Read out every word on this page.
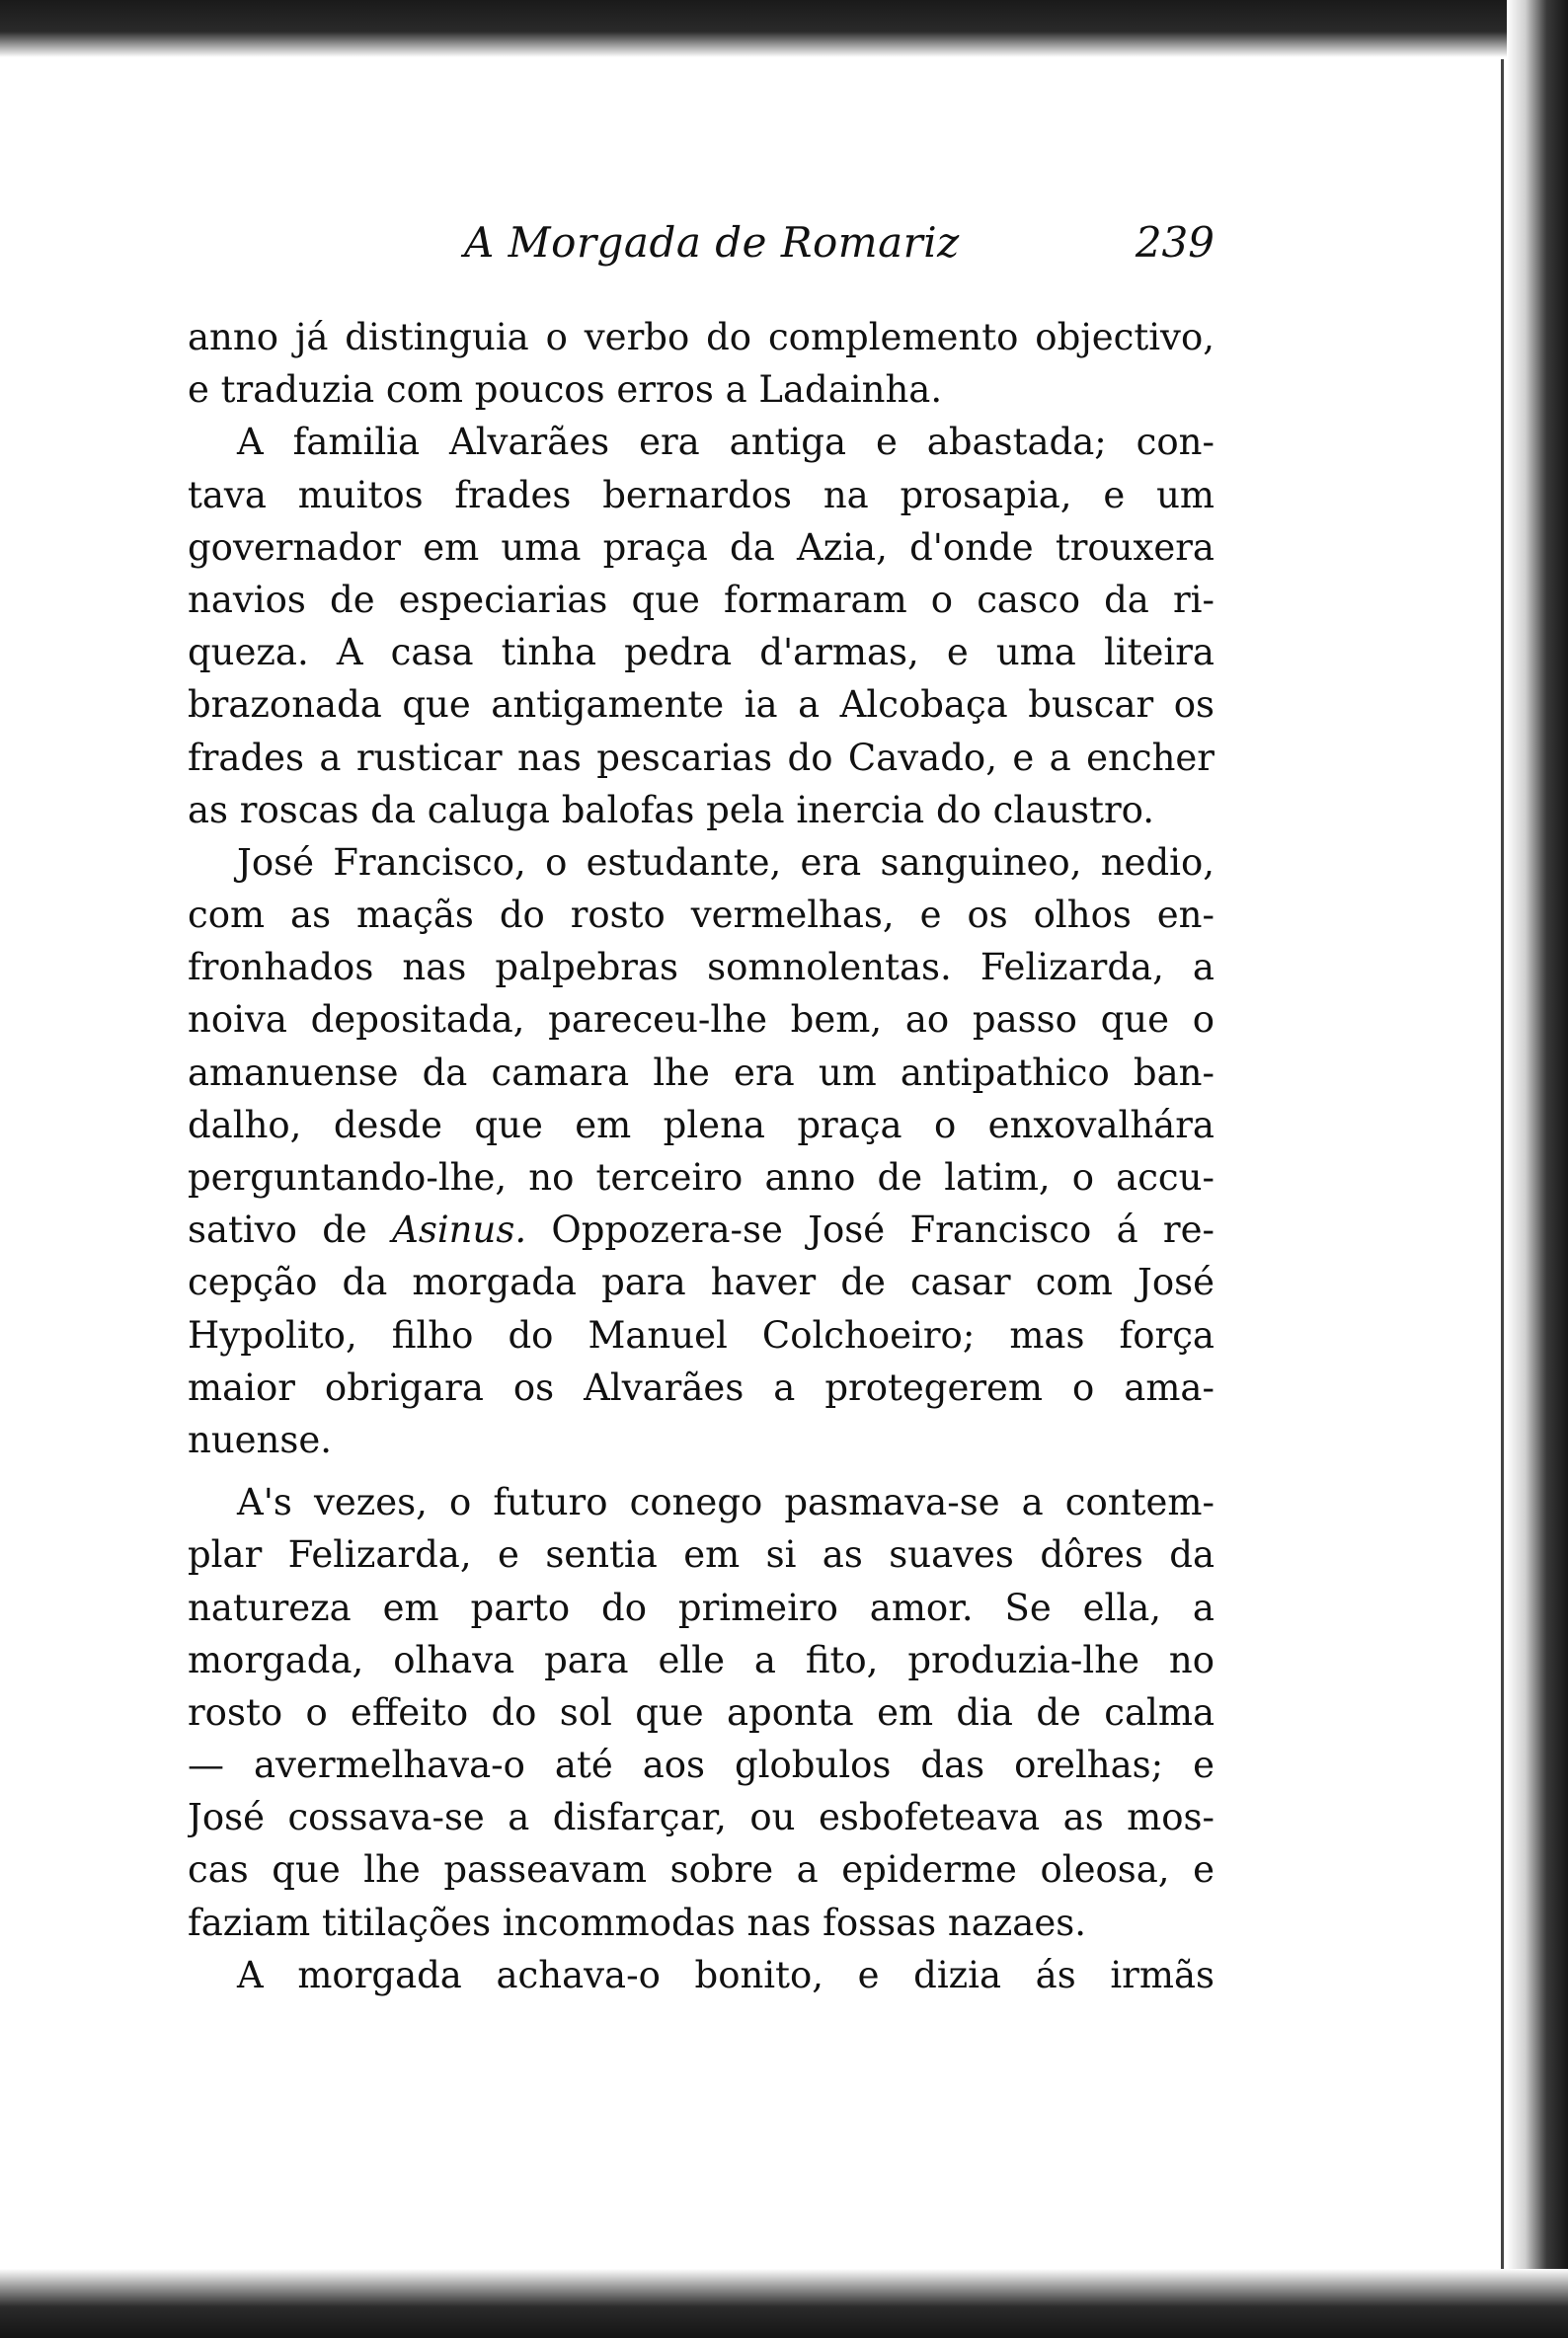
A Morgada de Romariz	239
anno já distinguia o verbo do complemento objectivo,
e traduzia com poucos erros a Ladainha.
A familia Alvarães era antiga e abastada; con-
tava muitos frades bernardos na prosapia, e um
governador em uma praça da Azia, d'onde trouxera
navios de especiarias que formaram o casco da ri-
queza. A casa tinha pedra d'armas, e uma liteira
brazonada que antigamente ia a Alcobaça buscar os
frades a rusticar nas pescarias do Cavado, e a encher
as roscas da caluga balofas pela inercia do claustro.
José Francisco, o estudante, era sanguineo, nedio,
com as maçãs do rosto vermelhas, e os olhos en-
fronhados nas palpebras somnolentas. Felizarda, a
noiva depositada, pareceu-lhe bem, ao passo que o
amanuense da camara lhe era um antipathico ban-
dalho, desde que em plena praça o enxovalhára
perguntando-lhe, no terceiro anno de latim, o accu-
sativo de Asinus. Oppozera-se José Francisco á re-
cepção da morgada para haver de casar com José
Hypolito, filho do Manuel Colchoeiro; mas força
maior obrigara os Alvarães a protegerem o ama-
nuense.
A's vezes, o futuro conego pasmava-se a contem-
plar Felizarda, e sentia em si as suaves dôres da
natureza em parto do primeiro amor. Se ella, a
morgada, olhava para elle a fito, produzia-lhe no
rosto o effeito do sol que aponta em dia de calma
— avermelhava-o até aos globulos das orelhas; e
José cossava-se a disfarçar, ou esbofeteava as mos-
cas que lhe passeavam sobre a epiderme oleosa, e
faziam titilações incommodas nas fossas nazaes.
A morgada achava-o bonito, e dizia ás irmãs
